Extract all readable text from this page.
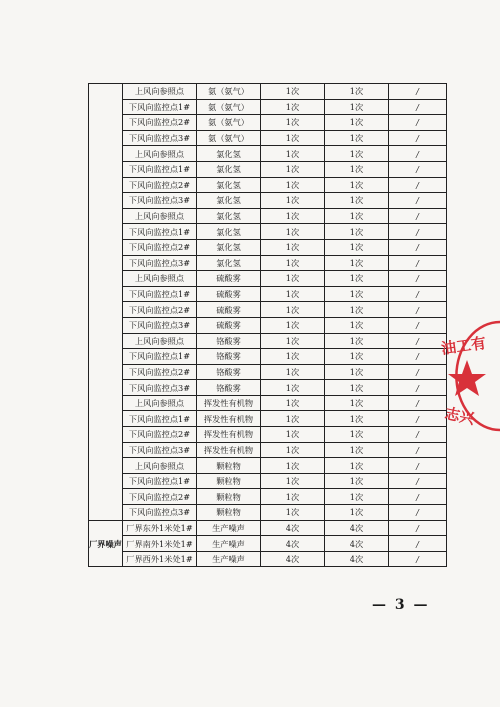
	上风向参照点	氨（氨气）	1次	1次	/
	下风向监控点1#	氨（氨气）	1次	1次	/
	下风向监控点2#	氨（氨气）	1次	1次	/
	下风向监控点3#	氨（氨气）	1次	1次	/
	上风向参照点	氯化氢	1次	1次	/
	下风向监控点1#	氯化氢	1次	1次	/
	下风向监控点2#	氯化氢	1次	1次	/
	下风向监控点3#	氯化氢	1次	1次	/
	上风向参照点	氯化氢	1次	1次	/
	下风向监控点1#	氯化氢	1次	1次	/
	下风向监控点2#	氯化氢	1次	1次	/
	下风向监控点3#	氯化氢	1次	1次	/
	上风向参照点	硫酸雾	1次	1次	/
	下风向监控点1#	硫酸雾	1次	1次	/
	下风向监控点2#	硫酸雾	1次	1次	/
	下风向监控点3#	硫酸雾	1次	1次	/
	上风向参照点	铬酸雾	1次	1次	/
	下风向监控点1#	铬酸雾	1次	1次	/
	下风向监控点2#	铬酸雾	1次	1次	/
	下风向监控点3#	铬酸雾	1次	1次	/
	上风向参照点	挥发性有机物	1次	1次	/
	下风向监控点1#	挥发性有机物	1次	1次	/
	下风向监控点2#	挥发性有机物	1次	1次	/
	下风向监控点3#	挥发性有机物	1次	1次	/
	上风向参照点	颗粒物	1次	1次	/
	下风向监控点1#	颗粒物	1次	1次	/
	下风向监控点2#	颗粒物	1次	1次	/
	下风向监控点3#	颗粒物	1次	1次	/
厂界噪声	厂界东外1米处1#	生产噪声	4次	4次	/
	厂界南外1米处1#	生产噪声	4次	4次	/
	厂界西外1米处1#	生产噪声	4次	4次	/
油工有
志兴
— 3 —
